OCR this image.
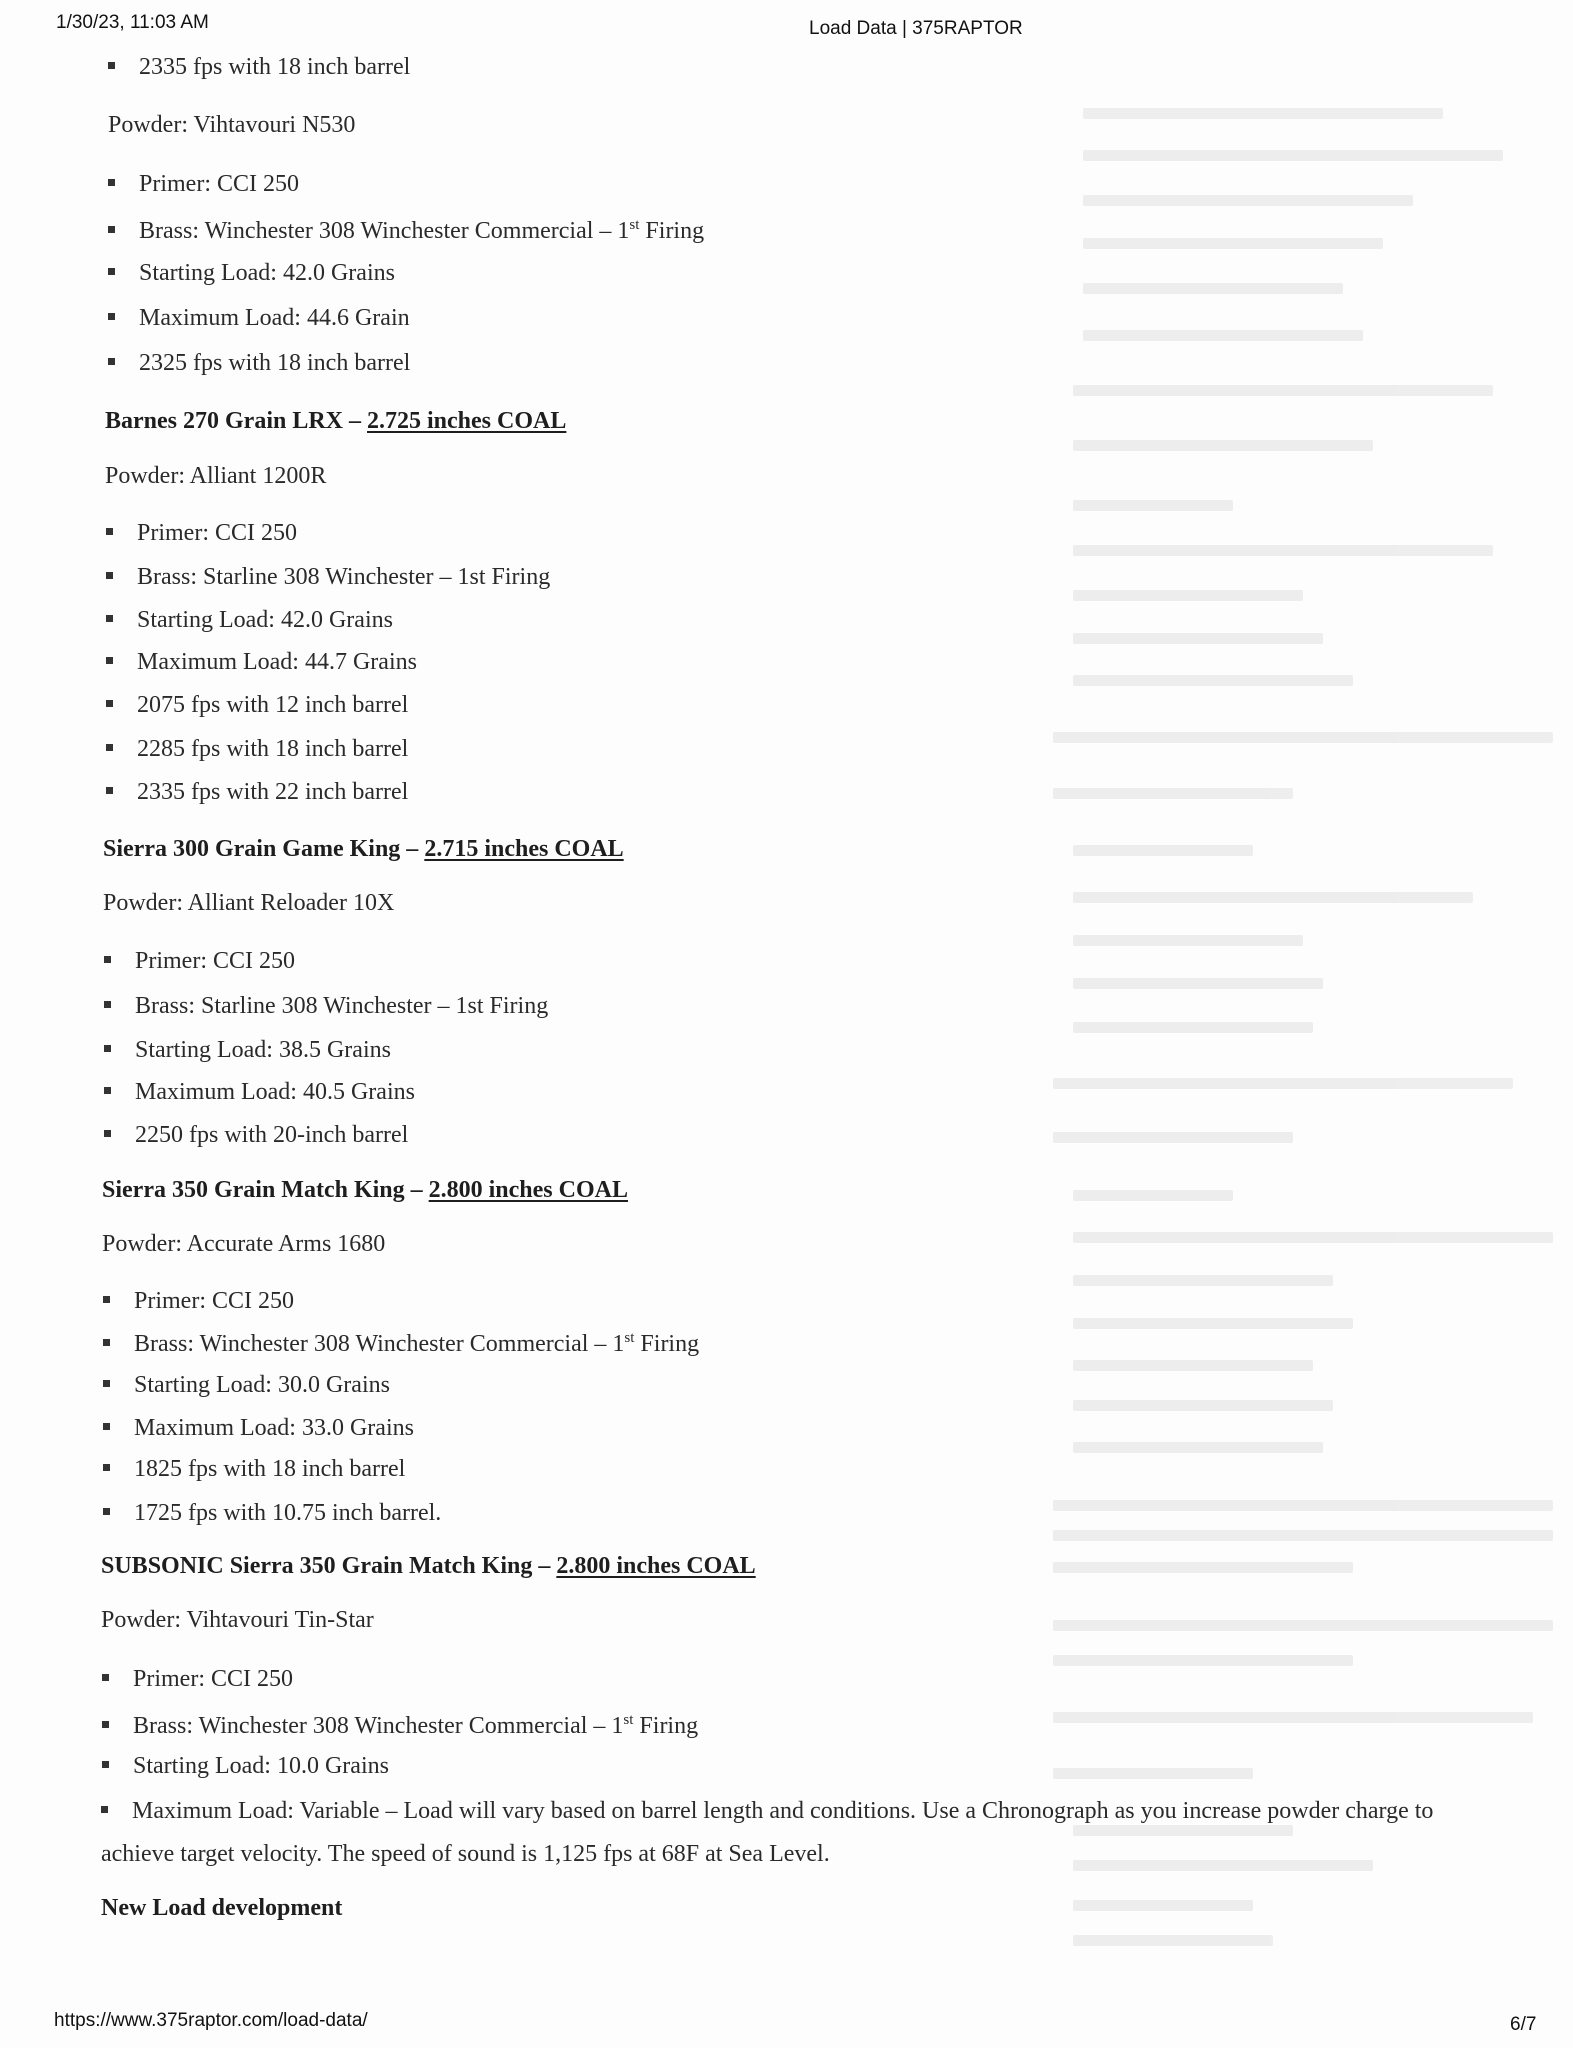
1/30/23, 11:03 AM	Load Data | 375RAPTOR
2335 fps with 18 inch barrel
Powder: Vihtavouri N530
Primer: CCI 250
Brass: Winchester 308 Winchester Commercial – 1st Firing
Starting Load: 42.0 Grains
Maximum Load: 44.6 Grain
2325 fps with 18 inch barrel
Barnes 270 Grain LRX – 2.725 inches COAL
Powder: Alliant 1200R
Primer: CCI 250
Brass: Starline 308 Winchester – 1st Firing
Starting Load: 42.0 Grains
Maximum Load: 44.7 Grains
2075 fps with 12 inch barrel
2285 fps with 18 inch barrel
2335 fps with 22 inch barrel
Sierra 300 Grain Game King – 2.715 inches COAL
Powder: Alliant Reloader 10X
Primer: CCI 250
Brass: Starline 308 Winchester – 1st Firing
Starting Load: 38.5 Grains
Maximum Load: 40.5 Grains
2250 fps with 20-inch barrel
Sierra 350 Grain Match King – 2.800 inches COAL
Powder: Accurate Arms 1680
Primer: CCI 250
Brass: Winchester 308 Winchester Commercial – 1st Firing
Starting Load: 30.0 Grains
Maximum Load: 33.0 Grains
1825 fps with 18 inch barrel
1725 fps with 10.75 inch barrel.
SUBSONIC Sierra 350 Grain Match King – 2.800 inches COAL
Powder: Vihtavouri Tin-Star
Primer: CCI 250
Brass: Winchester 308 Winchester Commercial – 1st Firing
Starting Load: 10.0 Grains
Maximum Load: Variable – Load will vary based on barrel length and conditions. Use a Chronograph as you increase powder charge to achieve target velocity. The speed of sound is 1,125 fps at 68F at Sea Level.
New Load development
https://www.375raptor.com/load-data/	6/7
